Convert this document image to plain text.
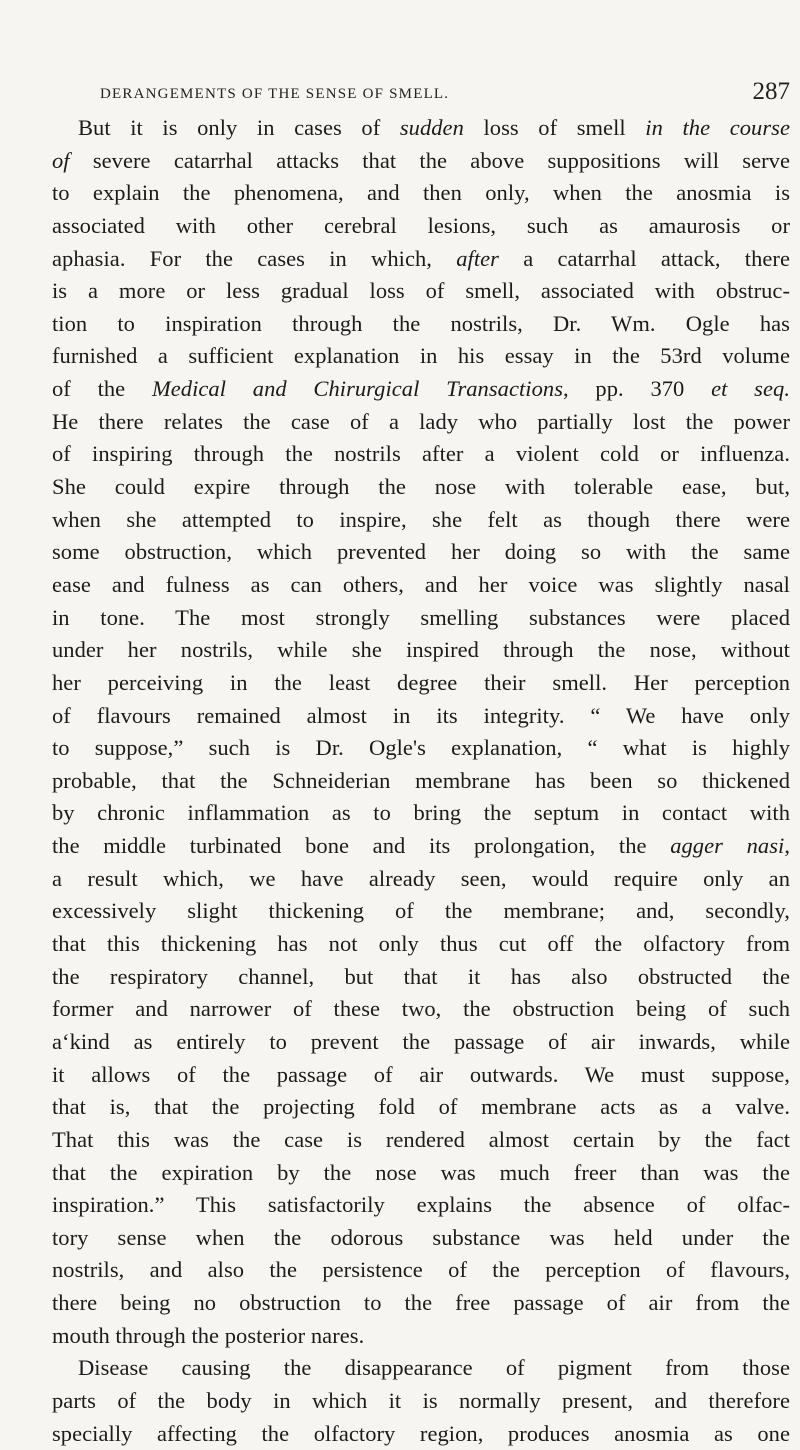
DERANGEMENTS OF THE SENSE OF SMELL.	287
But it is only in cases of sudden loss of smell in the course
of severe catarrhal attacks that the above suppositions will serve
to explain the phenomena, and then only, when the anosmia is
associated with other cerebral lesions, such as amaurosis or
aphasia. For the cases in which, after a catarrhal attack, there
is a more or less gradual loss of smell, associated with obstruc-
tion to inspiration through the nostrils, Dr. Wm. Ogle has
furnished a sufficient explanation in his essay in the 53rd volume
of the Medical and Chirurgical Transactions, pp. 370 et seq.
He there relates the case of a lady who partially lost the power
of inspiring through the nostrils after a violent cold or influenza.
She could expire through the nose with tolerable ease, but,
when she attempted to inspire, she felt as though there were
some obstruction, which prevented her doing so with the same
ease and fulness as can others, and her voice was slightly nasal
in tone. The most strongly smelling substances were placed
under her nostrils, while she inspired through the nose, without
her perceiving in the least degree their smell. Her perception
of flavours remained almost in its integrity. “ We have only
to suppose,” such is Dr. Ogle's explanation, “ what is highly
probable, that the Schneiderian membrane has been so thickened
by chronic inflammation as to bring the septum in contact with
the middle turbinated bone and its prolongation, the agger nasi,
a result which, we have already seen, would require only an
excessively slight thickening of the membrane; and, secondly,
that this thickening has not only thus cut off the olfactory from
the respiratory channel, but that it has also obstructed the
former and narrower of these two, the obstruction being of such
a‘kind as entirely to prevent the passage of air inwards, while
it allows of the passage of air outwards. We must suppose,
that is, that the projecting fold of membrane acts as a valve.
That this was the case is rendered almost certain by the fact
that the expiration by the nose was much freer than was the
inspiration.” This satisfactorily explains the absence of olfac-
tory sense when the odorous substance was held under the
nostrils, and also the persistence of the perception of flavours,
there being no obstruction to the free passage of air from the
mouth through the posterior nares.
Disease causing the disappearance of pigment from those
parts of the body in which it is normally present, and therefore
specially affecting the olfactory region, produces anosmia as one
